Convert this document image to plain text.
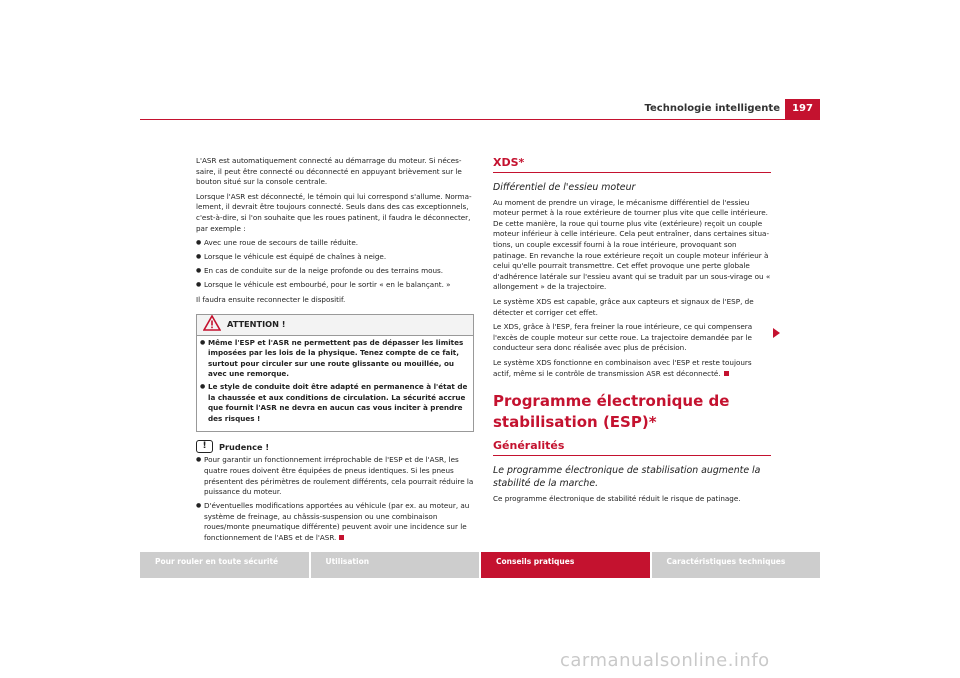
Technologie intelligente	197

L'ASR est automatiquement connecté au démarrage du moteur. Si nécessaire, il peut être connecté ou déconnecté en appuyant brièvement sur le bouton situé sur la console centrale.

Lorsque l'ASR est déconnecté, le témoin qui lui correspond s'allume. Normalement, il devrait être toujours connecté. Seuls dans des cas exceptionnels, c'est-à-dire, si l'on souhaite que les roues patinent, il faudra le déconnecter, par exemple :

● Avec une roue de secours de taille réduite.
● Lorsque le véhicule est équipé de chaînes à neige.
● En cas de conduite sur de la neige profonde ou des terrains mous.
● Lorsque le véhicule est embourbé, pour le sortir « en le balançant. »

Il faudra ensuite reconnecter le dispositif.

ATTENTION !
● Même l'ESP et l'ASR ne permettent pas de dépasser les limites imposées par les lois de la physique. Tenez compte de ce fait, surtout pour circuler sur une route glissante ou mouillée, ou avec une remorque.
● Le style de conduite doit être adapté en permanence à l'état de la chaussée et aux conditions de circulation. La sécurité accrue que fournit l'ASR ne devra en aucun cas vous inciter à prendre des risques !
!	Prudence !
● Pour garantir un fonctionnement irréprochable de l'ESP et de l'ASR, les quatre roues doivent être équipées de pneus identiques. Si les pneus présentent des périmètres de roulement différents, cela pourrait réduire la puissance du moteur.
● D'éventuelles modifications apportées au véhicule (par ex. au moteur, au système de freinage, au châssis-suspension ou une combinaison roues/monte pneumatique différente) peuvent avoir une incidence sur le fonctionnement de l'ABS et de l'ASR.
XDS*
Différentiel de l'essieu moteur

Au moment de prendre un virage, le mécanisme différentiel de l'essieu moteur permet à la roue extérieure de tourner plus vite que celle intérieure. De cette manière, la roue qui tourne plus vite (extérieure) reçoit un couple moteur inférieur à celle intérieure. Cela peut entraîner, dans certaines situations, un couple excessif fourni à la roue intérieure, provoquant son patinage. En revanche la roue extérieure reçoit un couple moteur inférieur à celui qu'elle pourrait transmettre. Cet effet provoque une perte globale d'adhérence latérale sur l'essieu avant qui se traduit par un sous-virage ou « allongement » de la trajectoire.

Le système XDS est capable, grâce aux capteurs et signaux de l'ESP, de détecter et corriger cet effet.

Le XDS, grâce à l'ESP, fera freiner la roue intérieure, ce qui compensera l'excès de couple moteur sur cette roue. La trajectoire demandée par le conducteur sera donc réalisée avec plus de précision.

Le système XDS fonctionne en combinaison avec l'ESP et reste toujours actif, même si le contrôle de transmission ASR est déconnecté.

Programme électronique de stabilisation (ESP)*
Généralités
Le programme électronique de stabilisation augmente la stabilité de la marche.

Ce programme électronique de stabilité réduit le risque de patinage.

Pour rouler en toute sécurité	Utilisation	Conseils pratiques	Caractéristiques techniques
carmanualsonline.info
